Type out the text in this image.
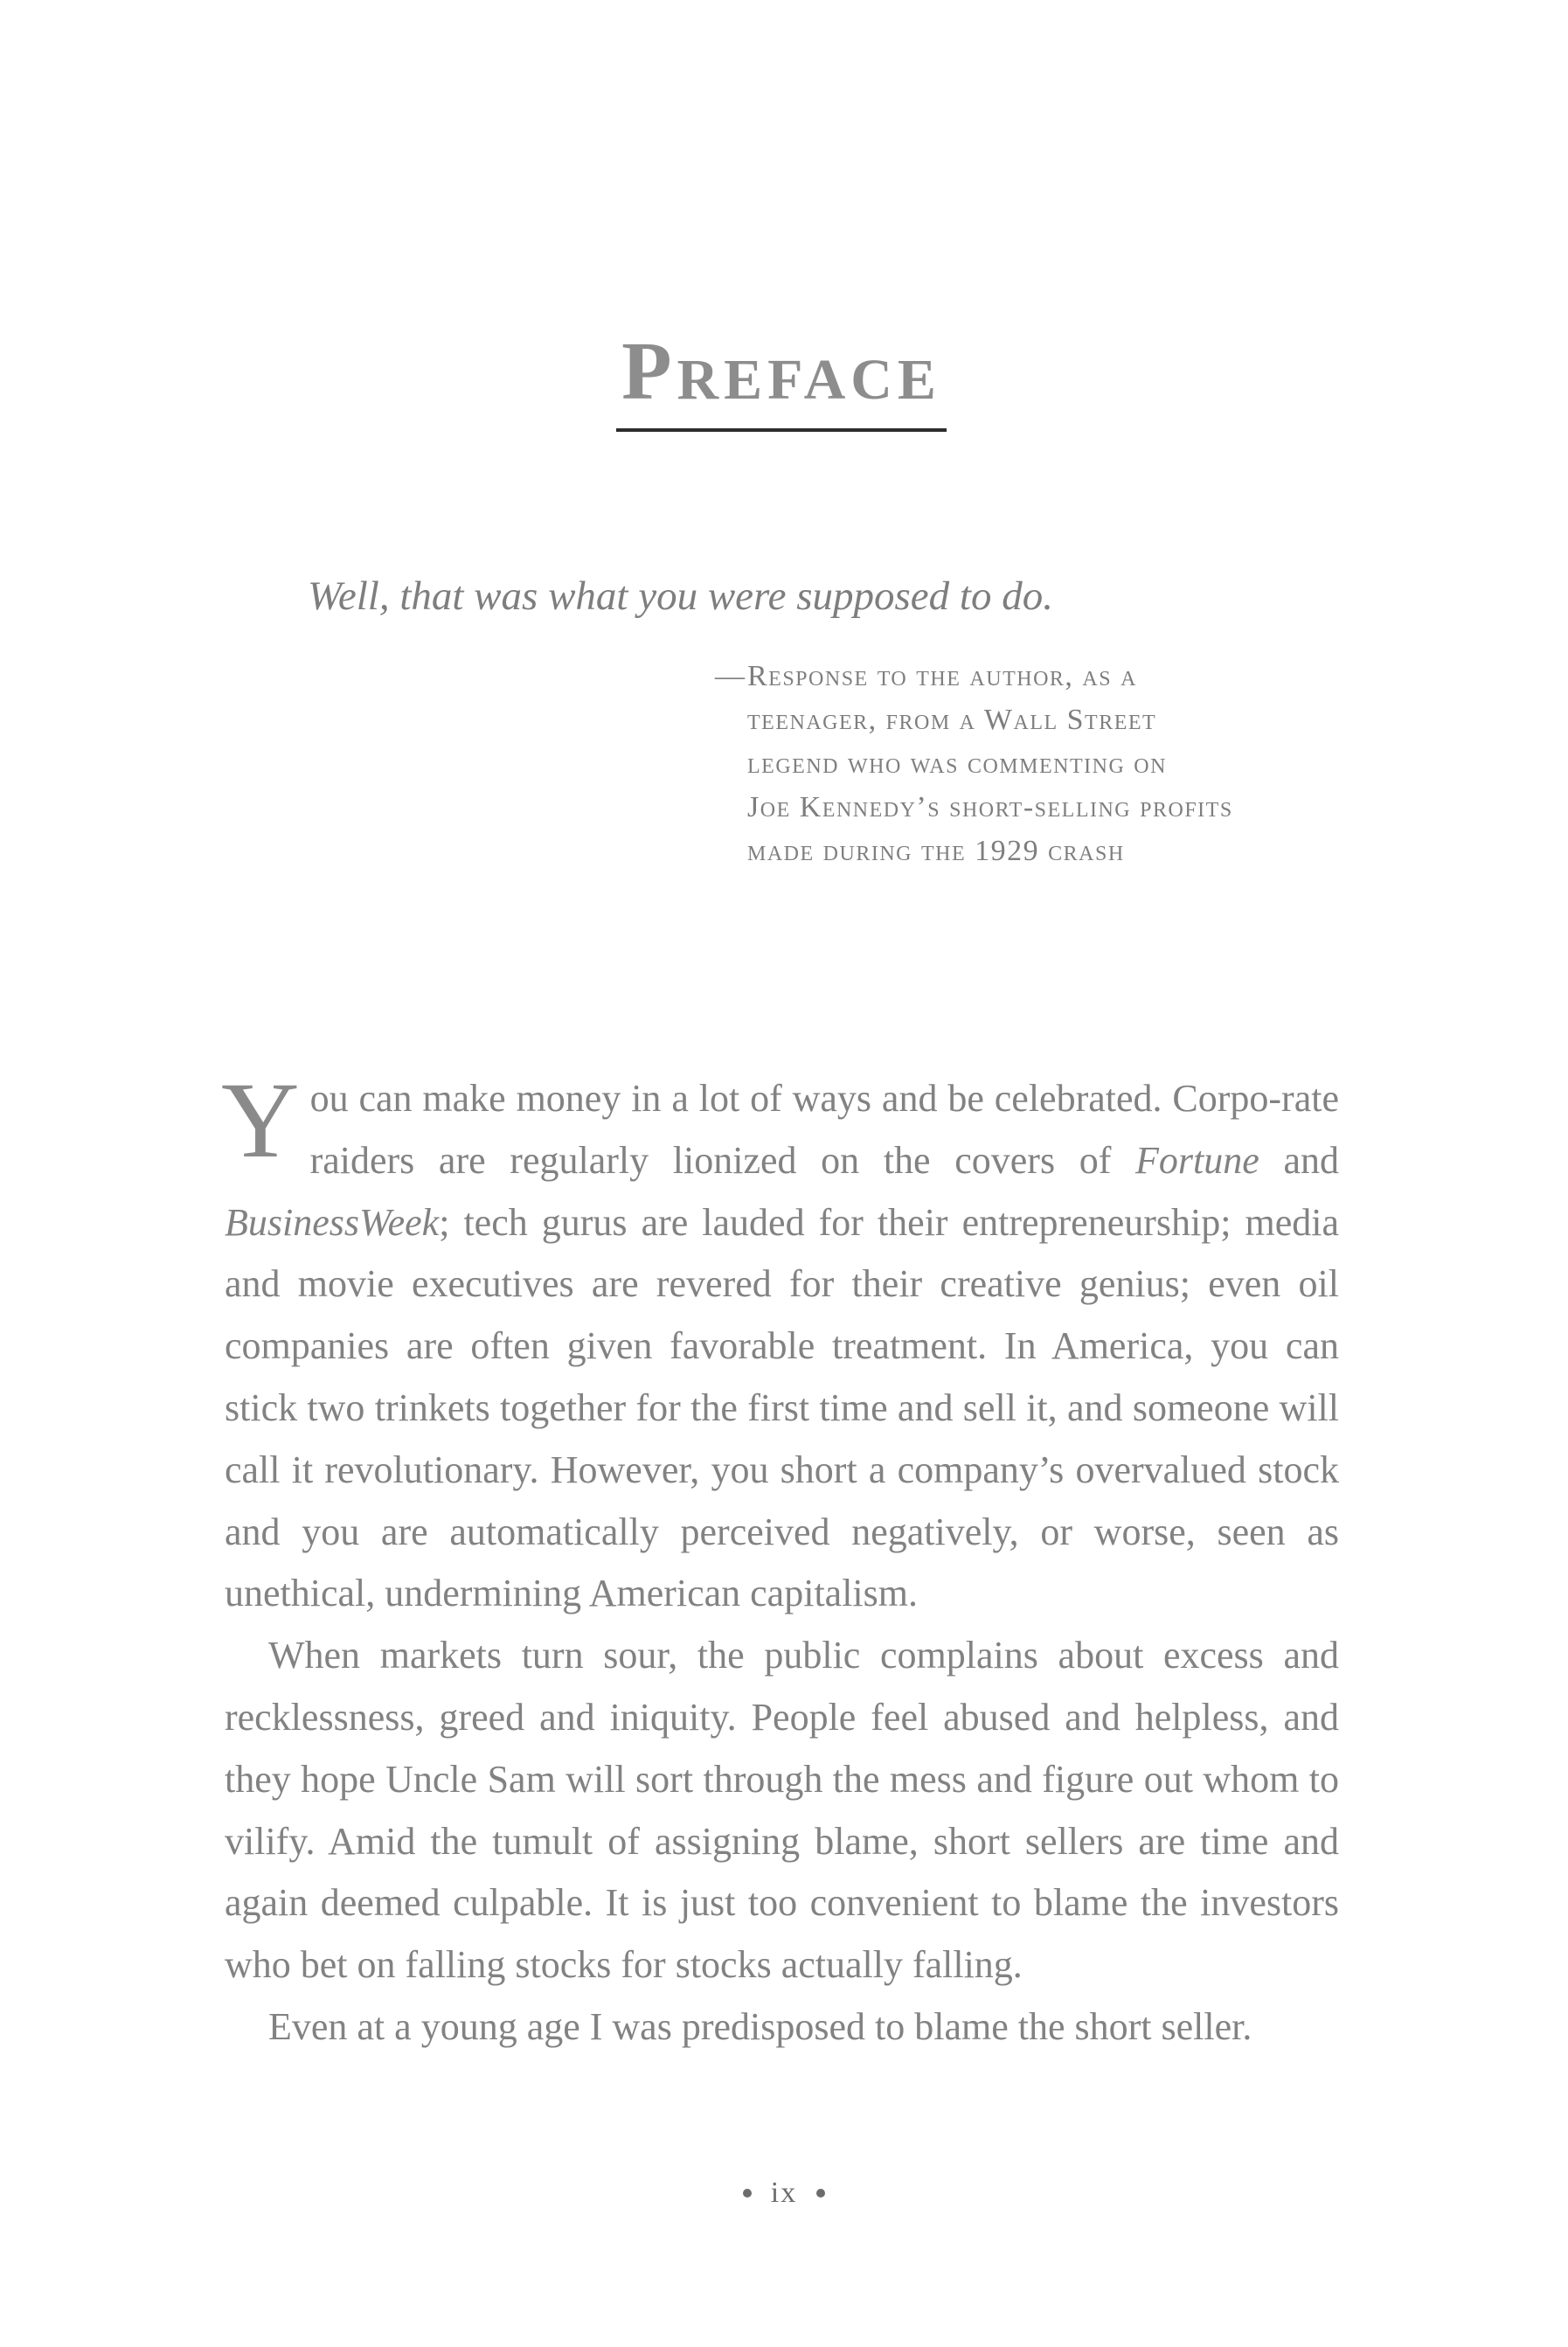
Preface
Well, that was what you were supposed to do.
— Response to the author, as a
teenager, from a Wall Street
legend who was commenting on
Joe Kennedy’s short-selling profits
made during the 1929 crash

You can make money in a lot of ways and be celebrated. Corpo-rate raiders are regularly lionized on the covers of Fortune and BusinessWeek; tech gurus are lauded for their entrepreneurship; media and movie executives are revered for their creative genius; even oil companies are often given favorable treatment. In America, you can stick two trinkets together for the first time and sell it, and someone will call it revolutionary. However, you short a company’s overvalued stock and you are automatically perceived negatively, or worse, seen as unethical, undermining American capitalism.

When markets turn sour, the public complains about excess and recklessness, greed and iniquity. People feel abused and helpless, and they hope Uncle Sam will sort through the mess and figure out whom to vilify. Amid the tumult of assigning blame, short sellers are time and again deemed culpable. It is just too convenient to blame the investors who bet on falling stocks for stocks actually falling.

Even at a young age I was predisposed to blame the short seller.

ix
